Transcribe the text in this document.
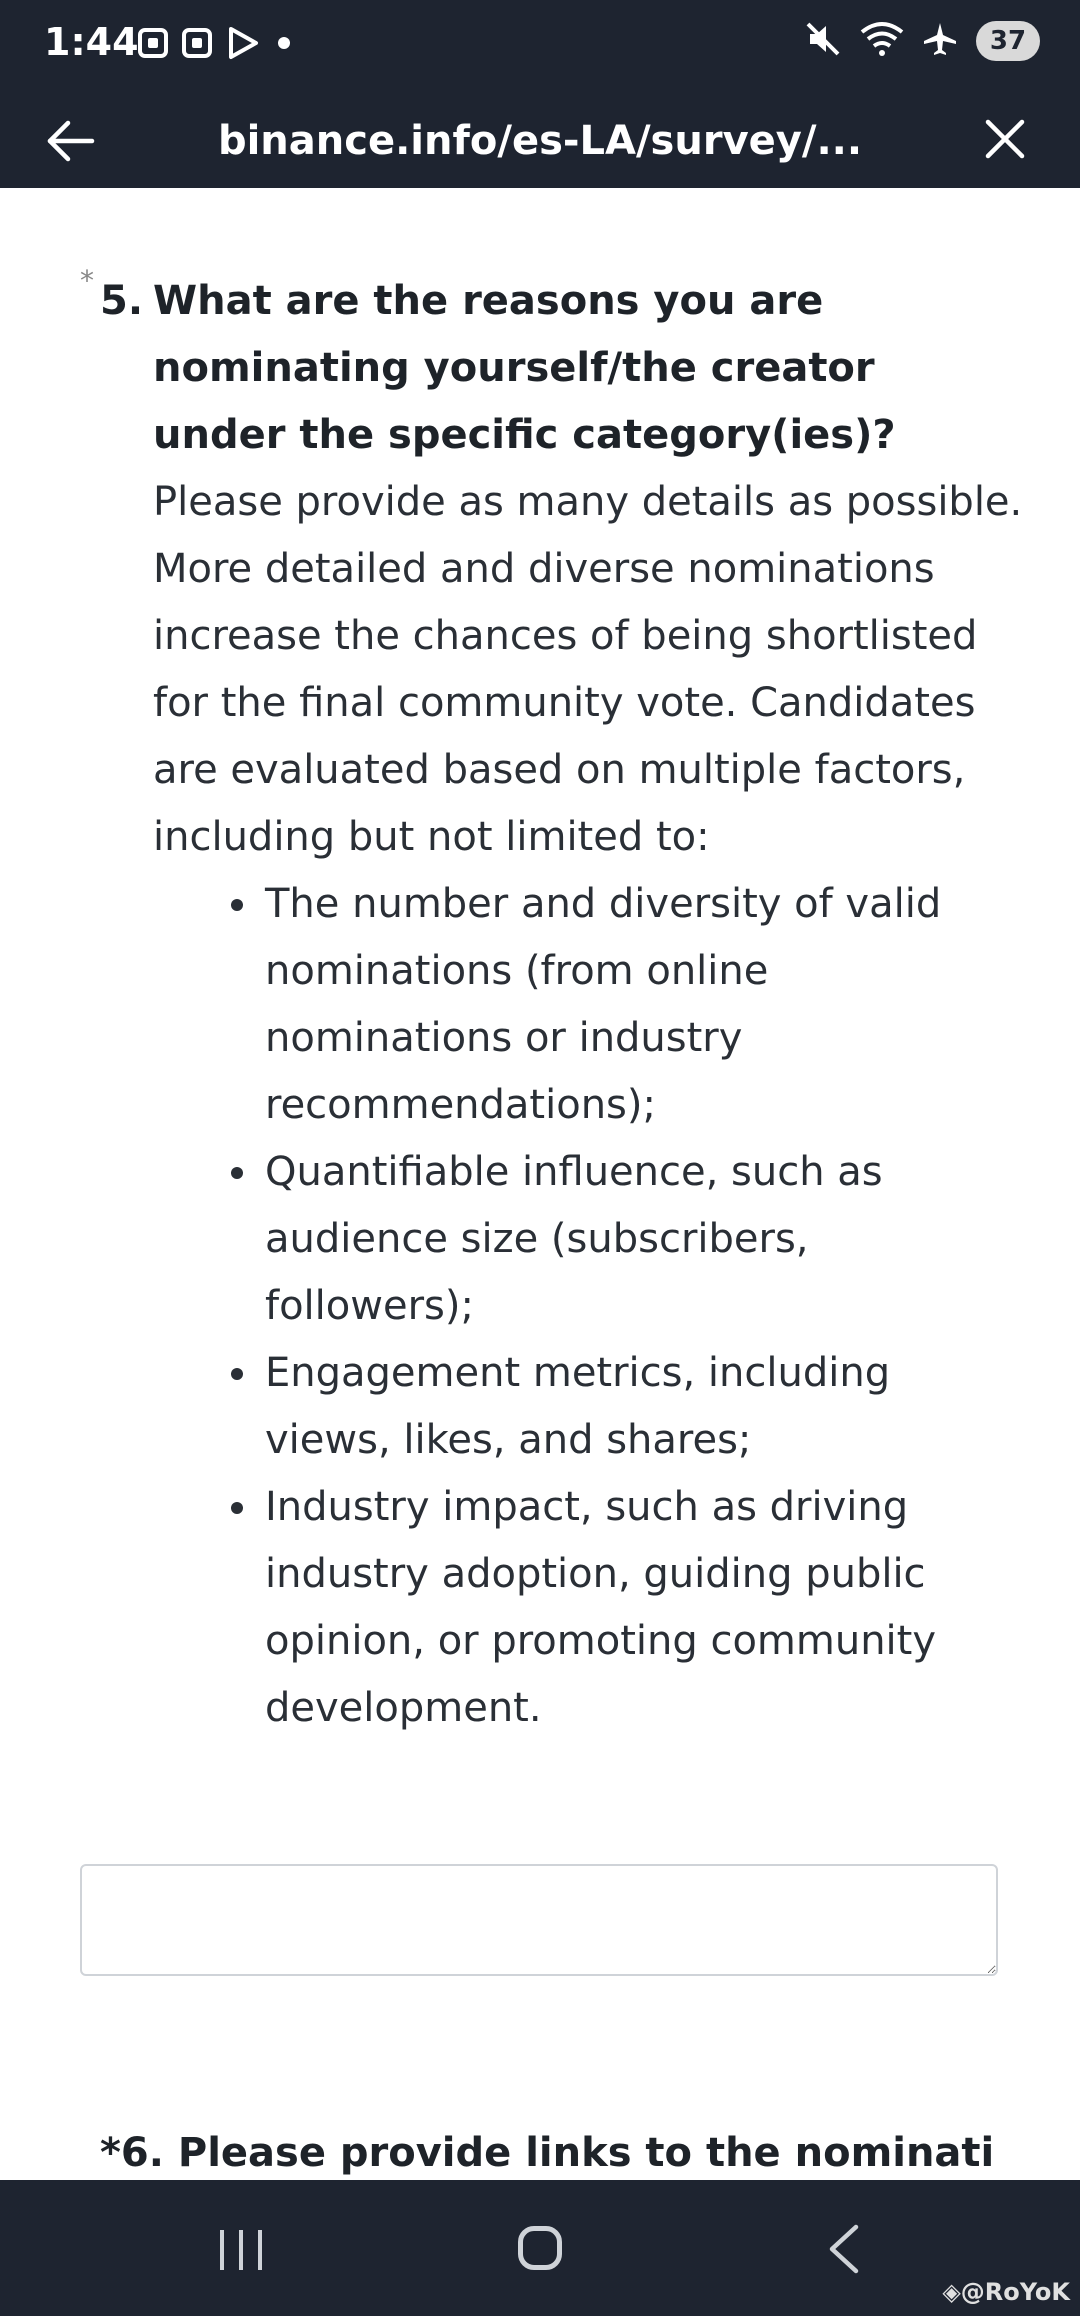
1:44	37
binance.info/es-LA/survey/...
* 5. What are the reasons you are nominating yourself/the creator under the specific category(ies)?
Please provide as many details as possible. More detailed and diverse nominations increase the chances of being shortlisted for the final community vote. Candidates are evaluated based on multiple factors, including but not limited to:
The number and diversity of valid nominations (from online nominations or industry recommendations);
Quantifiable influence, such as audience size (subscribers, followers);
Engagement metrics, including views, likes, and shares;
Industry impact, such as driving industry adoption, guiding public opinion, or promoting community development.
*6. Please provide links to the nominati
◈@RoYoK
